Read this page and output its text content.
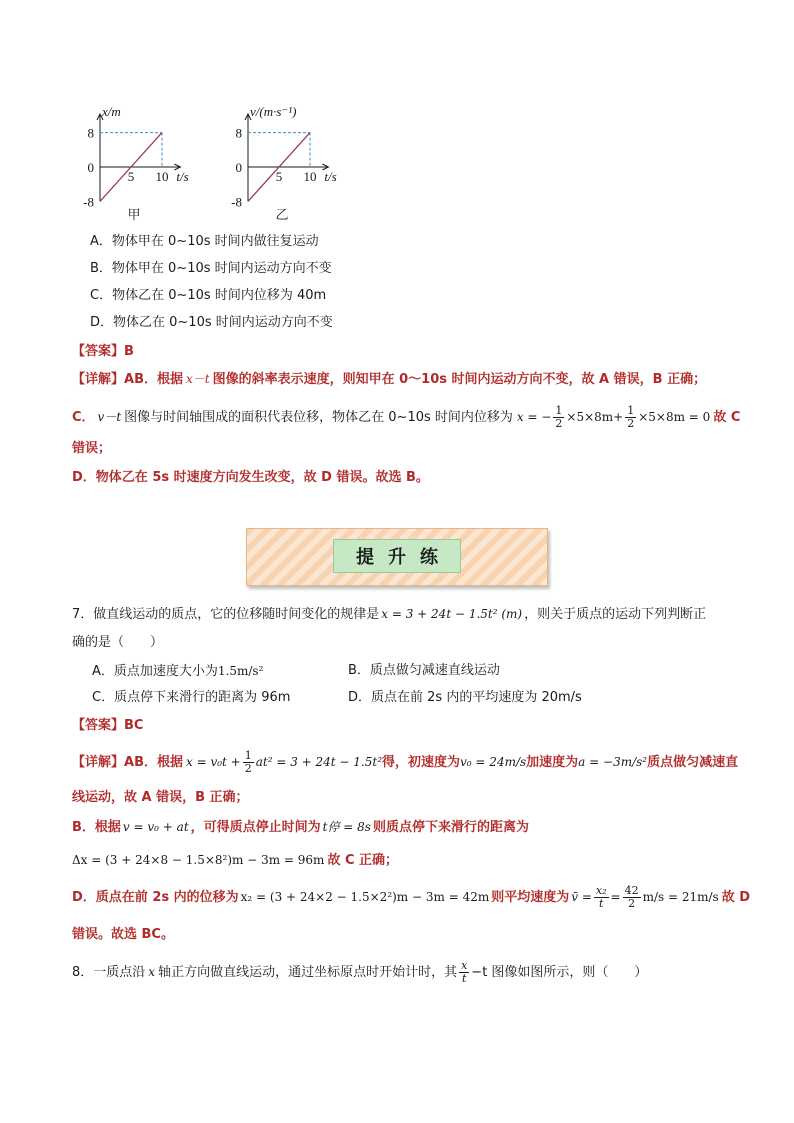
8
0
-8
5 10
x/m
t/s
甲
8
0
-8
5 10
v/(m·s⁻¹)
t/s
乙
A．物体甲在 0~10s 时间内做往复运动
B．物体甲在 0~10s 时间内运动方向不变
C．物体乙在 0~10s 时间内位移为 40m
D．物体乙在 0~10s 时间内运动方向不变
【答案】B
【详解】AB．根据 x－t 图像的斜率表示速度，则知甲在 0～10s 时间内运动方向不变，故 A 错误，B 正确；
C． v－t 图像与时间轴围成的面积代表位移，物体乙在 0~10s 时间内位移为 x = − $\frac{1}{2} \times 5\times 8m+ \frac{1}{2} \times 5\times 8m = 0$ 故 C
错误；
D．物体乙在 5s 时速度方向发生改变，故 D 错误。故选 B。
提升练
7．做直线运动的质点，它的位移随时间变化的规律是 x = 3 + 24t − 1.5t² (m) ，则关于质点的运动下列判断正
确的是（　　）
A．质点加速度大小为1.5m/s²	B．质点做匀减速直线运动
C．质点停下来滑行的距离为 96m	D．质点在前 2s 内的平均速度为 20m/s
【答案】BC
【详解】AB．根据 $x = v_0t + \frac{1}{2} at^2 = 3 + 24t - 1.5t^2$得，初速度为v₀ = 24m/s加速度为a = −3m/s²质点做匀减速直
线运动，故 A 错误，B 正确；
B．根据 v = v₀ + at ，可得质点停止时间为 t停 = 8s 则质点停下来滑行的距离为
Δx = (3 + 24×8 − 1.5×8²)m − 3m = 96m 故 C 正确；
D．质点在前 2s 内的位移为 x₂ = (3 + 24×2 − 1.5×2²)m − 3m = 42m 则平均速度为 v̄ = $\frac{\text{x₂}}{t} = \frac{42}{2} m/s = 21m/s$ 故 D
错误。故选 BC。
8．一质点沿 x 轴正方向做直线运动，通过坐标原点时开始计时，其 $\frac{x}{t} -t$ 图像如图所示，则（　　）
